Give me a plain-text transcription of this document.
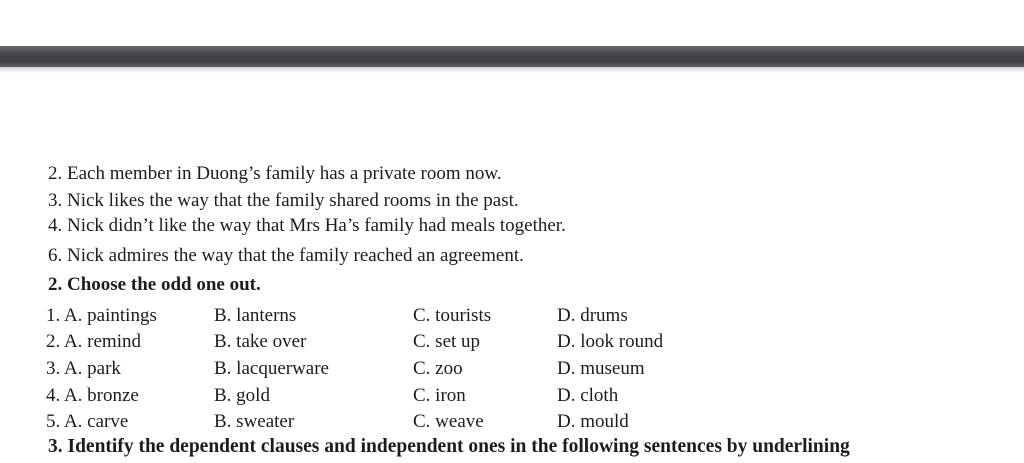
2. Each member in Duong’s family has a private room now.
3. Nick likes the way that the family shared rooms in the past.
4. Nick didn’t like the way that Mrs Ha’s family had meals together.
6. Nick admires the way that the family reached an agreement.
2. Choose the odd one out.
1. A. paintings	B. lanterns	C. tourists	D. drums
2. A. remind	B. take over	C. set up	D. look round
3. A. park	B. lacquerware	C. zoo	D. museum
4. A. bronze	B. gold	C. iron	D. cloth
5. A. carve	B. sweater	C. weave	D. mould
3. Identify the dependent clauses and independent ones in the following sentences by underlining
